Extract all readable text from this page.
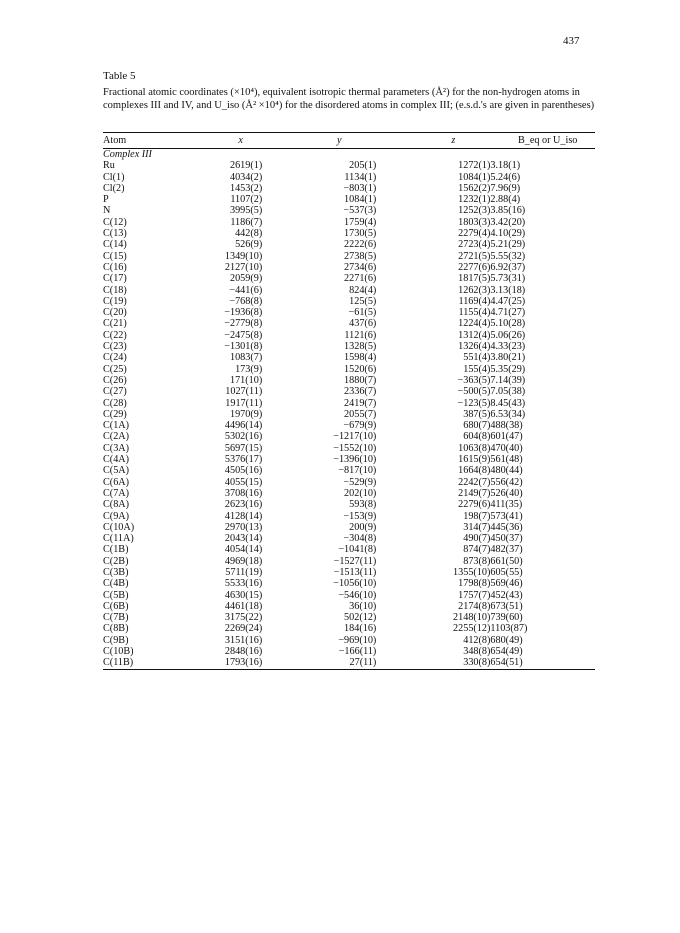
437
Table 5
Fractional atomic coordinates (×10⁴), equivalent isotropic thermal parameters (Å²) for the non-hydrogen atoms in complexes III and IV, and U_iso (Å² ×10⁴) for the disordered atoms in complex III; (e.s.d.'s are given in parentheses)
Atom	x	y	z	B_eq or U_iso
Complex III				
Ru	2619(1)	205(1)	1272(1)	3.18(1)
Cl(1)	4034(2)	1134(1)	1084(1)	5.24(6)
Cl(2)	1453(2)	−803(1)	1562(2)	7.96(9)
P	1107(2)	1084(1)	1232(1)	2.88(4)
N	3995(5)	−537(3)	1252(3)	3.85(16)
C(12)	1186(7)	1759(4)	1803(3)	3.42(20)
C(13)	442(8)	1730(5)	2279(4)	4.10(29)
C(14)	526(9)	2222(6)	2723(4)	5.21(29)
C(15)	1349(10)	2738(5)	2721(5)	5.55(32)
C(16)	2127(10)	2734(6)	2277(6)	6.92(37)
C(17)	2059(9)	2271(6)	1817(5)	5.73(31)
C(18)	−441(6)	824(4)	1262(3)	3.13(18)
C(19)	−768(8)	125(5)	1169(4)	4.47(25)
C(20)	−1936(8)	−61(5)	1155(4)	4.71(27)
C(21)	−2779(8)	437(6)	1224(4)	5.10(28)
C(22)	−2475(8)	1121(6)	1312(4)	5.06(26)
C(23)	−1301(8)	1328(5)	1326(4)	4.33(23)
C(24)	1083(7)	1598(4)	551(4)	3.80(21)
C(25)	173(9)	1520(6)	155(4)	5.35(29)
C(26)	171(10)	1880(7)	−363(5)	7.14(39)
C(27)	1027(11)	2336(7)	−500(5)	7.05(38)
C(28)	1917(11)	2419(7)	−123(5)	8.45(43)
C(29)	1970(9)	2055(7)	387(5)	6.53(34)
C(1A)	4496(14)	−679(9)	680(7)	488(38)
C(2A)	5302(16)	−1217(10)	604(8)	601(47)
C(3A)	5697(15)	−1552(10)	1063(8)	470(40)
C(4A)	5376(17)	−1396(10)	1615(9)	561(48)
C(5A)	4505(16)	−817(10)	1664(8)	480(44)
C(6A)	4055(15)	−529(9)	2242(7)	556(42)
C(7A)	3708(16)	202(10)	2149(7)	526(40)
C(8A)	2623(16)	593(8)	2279(6)	411(35)
C(9A)	4128(14)	−153(9)	198(7)	573(41)
C(10A)	2970(13)	200(9)	314(7)	445(36)
C(11A)	2043(14)	−304(8)	490(7)	450(37)
C(1B)	4054(14)	−1041(8)	874(7)	482(37)
C(2B)	4969(18)	−1527(11)	873(8)	661(50)
C(3B)	5711(19)	−1513(11)	1355(10)	605(55)
C(4B)	5533(16)	−1056(10)	1798(8)	569(46)
C(5B)	4630(15)	−546(10)	1757(7)	452(43)
C(6B)	4461(18)	36(10)	2174(8)	673(51)
C(7B)	3175(22)	502(12)	2148(10)	739(60)
C(8B)	2269(24)	184(16)	2255(12)	1103(87)
C(9B)	3151(16)	−969(10)	412(8)	680(49)
C(10B)	2848(16)	−166(11)	348(8)	654(49)
C(11B)	1793(16)	27(11)	330(8)	654(51)
